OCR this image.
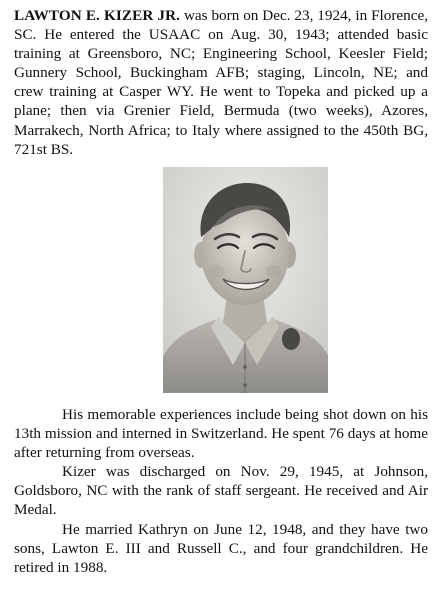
LAWTON E. KIZER JR. was born on Dec. 23, 1924, in Florence, SC. He entered the USAAC on Aug. 30, 1943; attended basic training at Greensboro, NC; Engineering School, Keesler Field; Gunnery School, Buckingham AFB; staging, Lincoln, NE; and crew training at Casper WY. He went to Topeka and picked up a plane; then via Grenier Field, Bermuda (two weeks), Azores, Marrakech, North Africa; to Italy where assigned to the 450th BG, 721st BS.

His memorable experiences include being shot down on his 13th mission and interned in Switzerland. He spent 76 days at home after returning from overseas.

Kizer was discharged on Nov. 29, 1945, at Johnson, Goldsboro, NC with the rank of staff sergeant. He received and Air Medal.

He married Kathryn on June 12, 1948, and they have two sons, Lawton E. III and Russell C., and four grandchildren. He retired in 1988.
